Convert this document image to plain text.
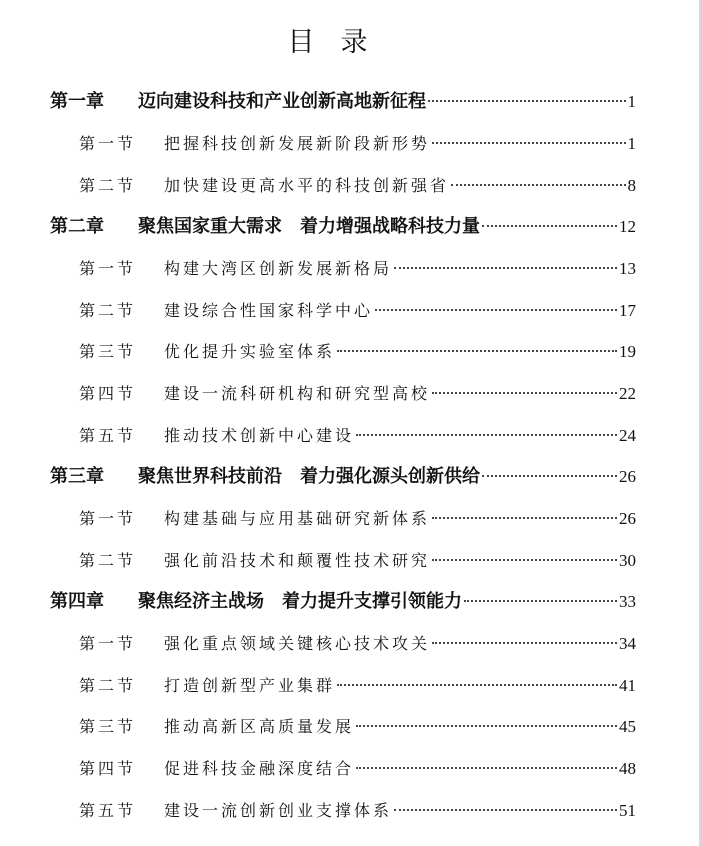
目录
第一章	迈向建设科技和产业创新高地新征程	1
第一节	把握科技创新发展新阶段新形势	1
第二节	加快建设更高水平的科技创新强省	8
第二章	聚焦国家重大需求　着力增强战略科技力量	12
第一节	构建大湾区创新发展新格局	13
第二节	建设综合性国家科学中心	17
第三节	优化提升实验室体系	19
第四节	建设一流科研机构和研究型高校	22
第五节	推动技术创新中心建设	24
第三章	聚焦世界科技前沿　着力强化源头创新供给	26
第一节	构建基础与应用基础研究新体系	26
第二节	强化前沿技术和颠覆性技术研究	30
第四章	聚焦经济主战场　着力提升支撑引领能力	33
第一节	强化重点领域关键核心技术攻关	34
第二节	打造创新型产业集群	41
第三节	推动高新区高质量发展	45
第四节	促进科技金融深度结合	48
第五节	建设一流创新创业支撑体系	51
